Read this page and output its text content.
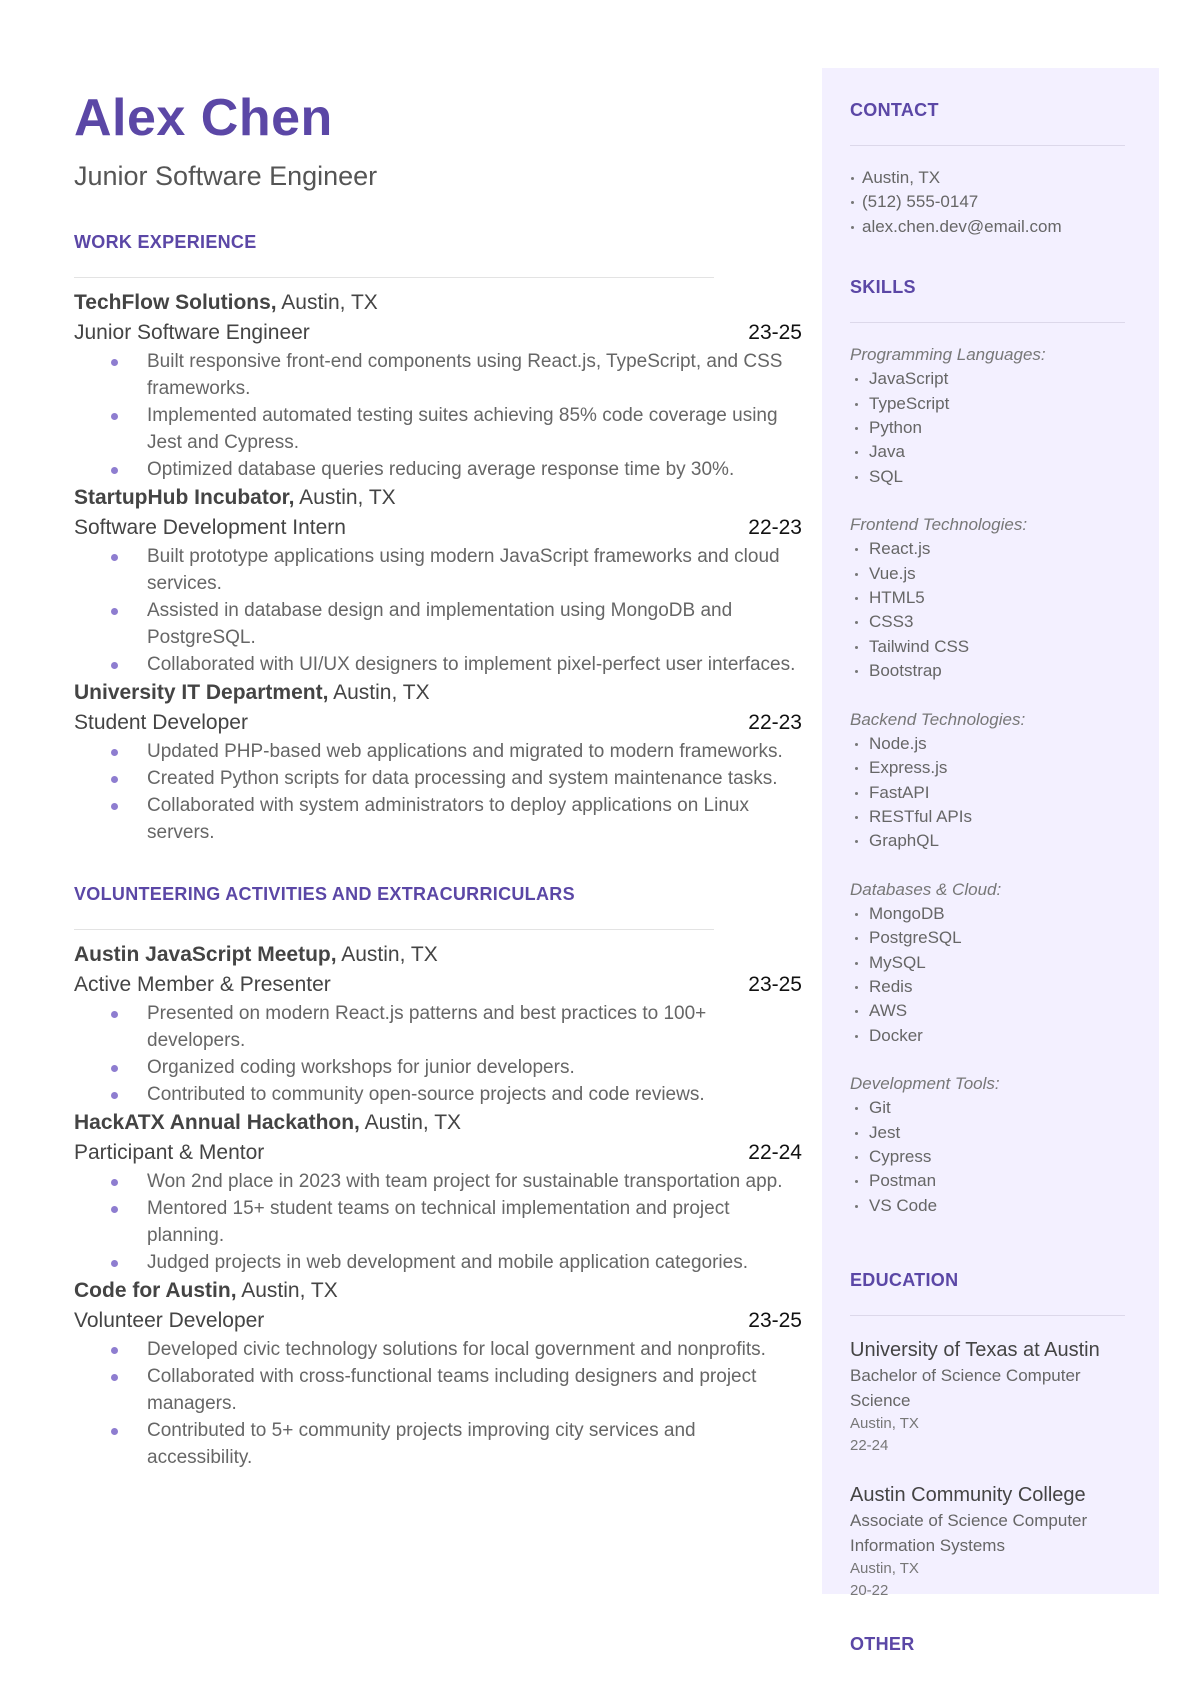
Alex Chen
Junior Software Engineer
WORK EXPERIENCE
TechFlow Solutions, Austin, TX
Junior Software Engineer	23-25
Built responsive front-end components using React.js, TypeScript, and CSS frameworks.
Implemented automated testing suites achieving 85% code coverage using Jest and Cypress.
Optimized database queries reducing average response time by 30%.
StartupHub Incubator, Austin, TX
Software Development Intern	22-23
Built prototype applications using modern JavaScript frameworks and cloud services.
Assisted in database design and implementation using MongoDB and PostgreSQL.
Collaborated with UI/UX designers to implement pixel-perfect user interfaces.
University IT Department, Austin, TX
Student Developer	22-23
Updated PHP-based web applications and migrated to modern frameworks.
Created Python scripts for data processing and system maintenance tasks.
Collaborated with system administrators to deploy applications on Linux servers.
VOLUNTEERING ACTIVITIES AND EXTRACURRICULARS
Austin JavaScript Meetup, Austin, TX
Active Member & Presenter	23-25
Presented on modern React.js patterns and best practices to 100+ developers.
Organized coding workshops for junior developers.
Contributed to community open-source projects and code reviews.
HackATX Annual Hackathon, Austin, TX
Participant & Mentor	22-24
Won 2nd place in 2023 with team project for sustainable transportation app.
Mentored 15+ student teams on technical implementation and project planning.
Judged projects in web development and mobile application categories.
Code for Austin, Austin, TX
Volunteer Developer	23-25
Developed civic technology solutions for local government and nonprofits.
Collaborated with cross-functional teams including designers and project managers.
Contributed to 5+ community projects improving city services and accessibility.
CONTACT
Austin, TX
(512) 555-0147
alex.chen.dev@email.com
SKILLS
Programming Languages:
JavaScript
TypeScript
Python
Java
SQL
Frontend Technologies:
React.js
Vue.js
HTML5
CSS3
Tailwind CSS
Bootstrap
Backend Technologies:
Node.js
Express.js
FastAPI
RESTful APIs
GraphQL
Databases & Cloud:
MongoDB
PostgreSQL
MySQL
Redis
AWS
Docker
Development Tools:
Git
Jest
Cypress
Postman
VS Code
EDUCATION
University of Texas at Austin
Bachelor of Science Computer Science
Austin, TX
22-24
Austin Community College
Associate of Science Computer Information Systems
Austin, TX
20-22
OTHER
